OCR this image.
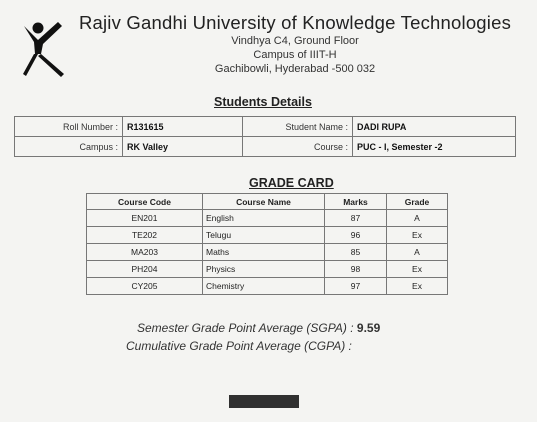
Rajiv Gandhi University of Knowledge Technologies
Vindhya C4, Ground Floor
Campus of IIIT-H
Gachibowli, Hyderabad -500 032
Students Details
Roll Number :	R131615	Student Name :	DADI RUPA
Campus :	RK Valley	Course :	PUC - I, Semester -2
GRADE CARD
Course Code	Course Name	Marks	Grade
EN201	English	87	A
TE202	Telugu	96	Ex
MA203	Maths	85	A
PH204	Physics	98	Ex
CY205	Chemistry	97	Ex
Semester Grade Point Average (SGPA) : 9.59
Cumulative Grade Point Average (CGPA) :
